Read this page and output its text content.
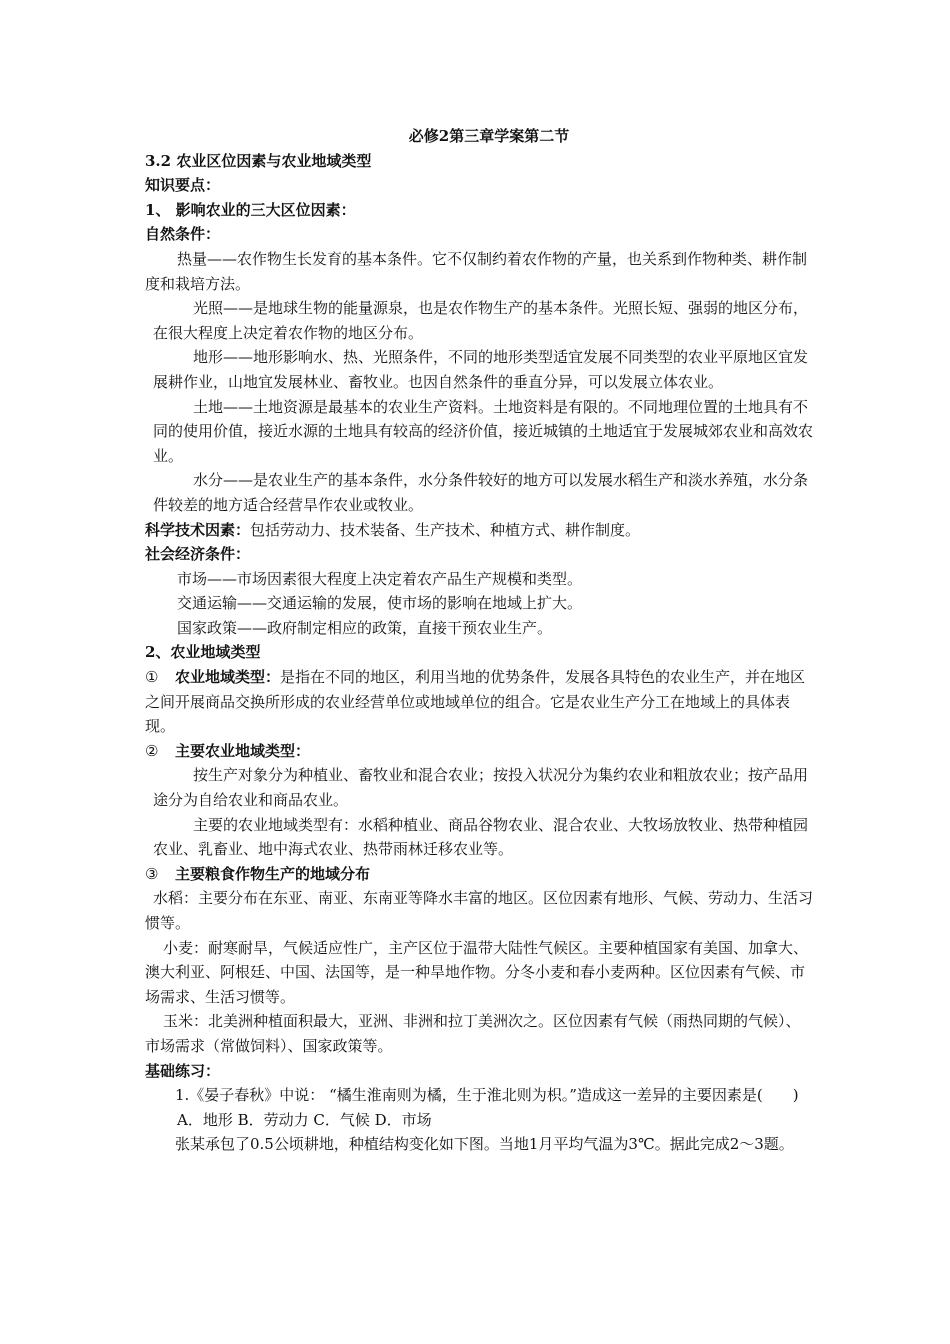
必修2第三章学案第二节

3.2 农业区位因素与农业地域类型

知识要点：

1、 影响农业的三大区位因素：

自然条件：

热量——农作物生长发育的基本条件。它不仅制约着农作物的产量，也关系到作物种类、耕作制度和栽培方法。

光照——是地球生物的能量源泉，也是农作物生产的基本条件。光照长短、强弱的地区分布，在很大程度上决定着农作物的地区分布。

地形——地形影响水、热、光照条件，不同的地形类型适宜发展不同类型的农业平原地区宜发展耕作业，山地宜发展林业、畜牧业。也因自然条件的垂直分异，可以发展立体农业。

土地——土地资源是最基本的农业生产资料。土地资料是有限的。不同地理位置的土地具有不同的使用价值，接近水源的土地具有较高的经济价值，接近城镇的土地适宜于发展城郊农业和高效农业。

水分——是农业生产的基本条件，水分条件较好的地方可以发展水稻生产和淡水养殖，水分条件较差的地方适合经营旱作农业或牧业。

科学技术因素：包括劳动力、技术装备、生产技术、种植方式、耕作制度。

社会经济条件：

市场——市场因素很大程度上决定着农产品生产规模和类型。

交通运输——交通运输的发展，使市场的影响在地域上扩大。

国家政策——政府制定相应的政策，直接干预农业生产。

2、农业地域类型

① 农业地域类型：是指在不同的地区，利用当地的优势条件，发展各具特色的农业生产，并在地区之间开展商品交换所形成的农业经营单位或地域单位的组合。它是农业生产分工在地域上的具体表现。

② 主要农业地域类型：

按生产对象分为种植业、畜牧业和混合农业；按投入状况分为集约农业和粗放农业；按产品用途分为自给农业和商品农业。

主要的农业地域类型有：水稻种植业、商品谷物农业、混合农业、大牧场放牧业、热带种植园农业、乳畜业、地中海式农业、热带雨林迁移农业等。

③ 主要粮食作物生产的地域分布

水稻：主要分布在东亚、南亚、东南亚等降水丰富的地区。区位因素有地形、气候、劳动力、生活习惯等。

小麦：耐寒耐旱，气候适应性广，主产区位于温带大陆性气候区。主要种植国家有美国、加拿大、澳大利亚、阿根廷、中国、法国等，是一种旱地作物。分冬小麦和春小麦两种。区位因素有气候、市场需求、生活习惯等。

玉米：北美洲种植面积最大，亚洲、非洲和拉丁美洲次之。区位因素有气候（雨热同期的气候）、市场需求（常做饲料）、国家政策等。

基础练习：

1.《晏子春秋》中说： “橘生淮南则为橘，生于淮北则为枳。”造成这一差异的主要因素是(　　)

A．地形 B．劳动力 C．气候 D．市场

张某承包了0.5公顷耕地，种植结构变化如下图。当地1月平均气温为3℃。据此完成2～3题。
